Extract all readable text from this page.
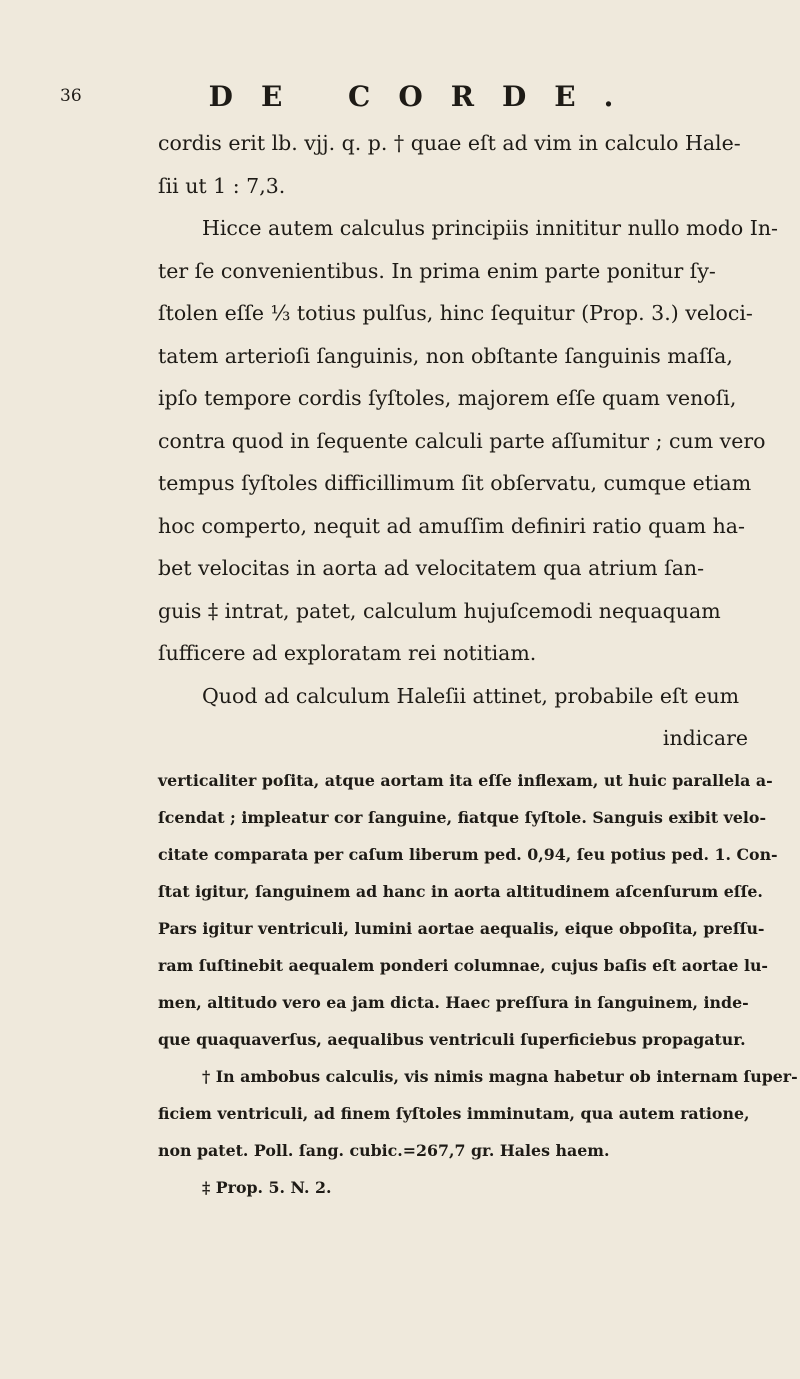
36	DE CORDE.
cordis erit lb. vjj. q. p. † quae eſt ad vim in calculo Hale-
ſii ut 1 : 7,3.
Hicce autem calculus principiis innititur nullo modo In-
ter ſe convenientibus. In prima enim parte ponitur ſy-
ſtolen eſſe ⅓ totius pulſus, hinc ſequitur (Prop. 3.) veloci-
tatem arterioſi ſanguinis, non obſtante ſanguinis maſſa,
ipſo tempore cordis ſyſtoles, majorem eſſe quam venoſi,
contra quod in ſequente calculi parte aſſumitur ; cum vero
tempus ſyſtoles difficillimum ſit obſervatu, cumque etiam
hoc comperto, nequit ad amuſſim definiri ratio quam ha-
bet velocitas in aorta ad velocitatem qua atrium ſan-
guis ‡ intrat, patet, calculum hujuſcemodi nequaquam
ſufficere ad exploratam rei notitiam.
Quod ad calculum Haleſii attinet, probabile eſt eum
indicare
verticaliter poſita, atque aortam ita eſſe inflexam, ut huic parallela a-
ſcendat ; impleatur cor ſanguine, fiatque ſyſtole. Sanguis exibit velo-
citate comparata per caſum liberum ped. 0,94, ſeu potius ped. 1. Con-
ſtat igitur, ſanguinem ad hanc in aorta altitudinem aſcenſurum eſſe.
Pars igitur ventriculi, lumini aortae aequalis, eique obpoſita, preſſu-
ram ſuſtinebit aequalem ponderi columnae, cujus baſis eſt aortae lu-
men, altitudo vero ea jam dicta. Haec preſſura in ſanguinem, inde-
que quaquaverſus, aequalibus ventriculi ſuperficiebus propagatur.
† In ambobus calculis, vis nimis magna habetur ob internam ſuper-
ficiem ventriculi, ad finem ſyſtoles imminutam, qua autem ratione,
non patet. Poll. ſang. cubic.=267,7 gr. Hales haem.
‡ Prop. 5. N. 2.
